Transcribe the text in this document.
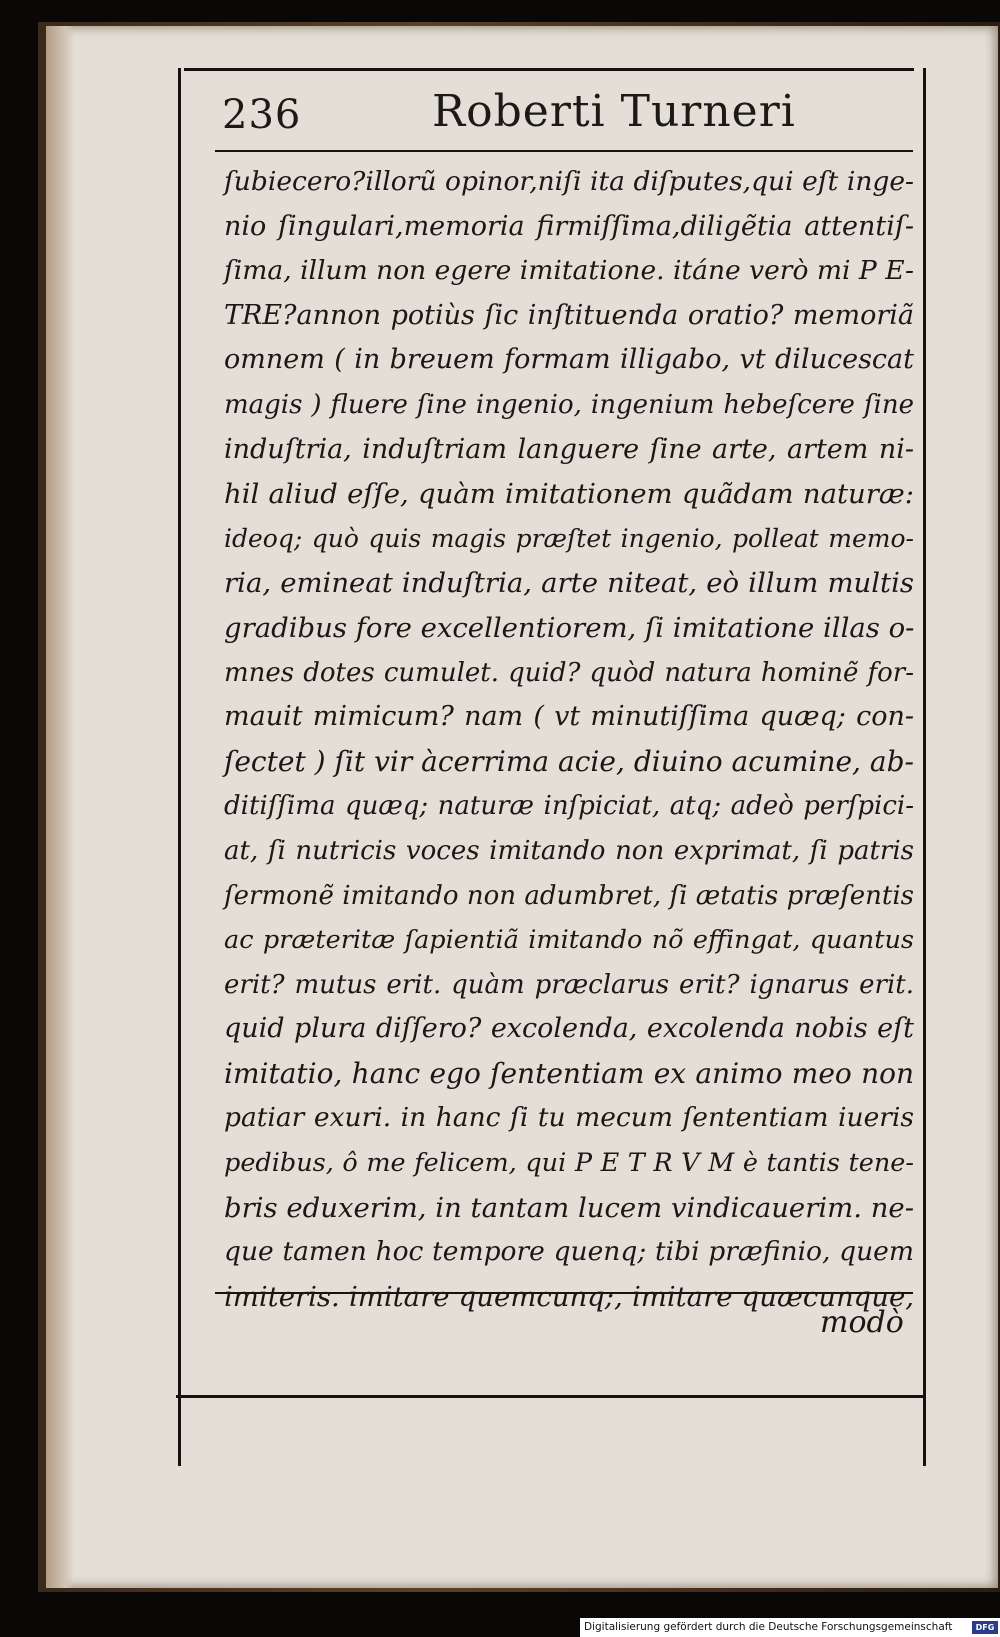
236	Roberti Turneri
ſubiecero?illorũ opinor,niſi ita diſputes,qui eſt inge-
nio ſingulari,memoria firmiſſima,diligẽtia attentiſ-
ſima, illum non egere imitatione. itáne verò mi P E-
TRE?annon potiùs ſic inſtituenda oratio? memoriã
omnem ( in breuem formam illigabo, vt dilucescat
magis ) fluere ſine ingenio, ingenium hebeſcere ſine
induſtria, induſtriam languere ſine arte, artem ni-
hil aliud eſſe, quàm imitationem quãdam naturæ:
ideoq; quò quis magis præſtet ingenio, polleat memo-
ria, emineat induſtria, arte niteat, eò illum multis
gradibus fore excellentiorem, ſi imitatione illas o-
mnes dotes cumulet. quid? quòd natura hominẽ for-
mauit mimicum? nam ( vt minutiſſima quæq; con-
ſectet ) ſit vir àcerrima acie, diuino acumine, ab-
ditiſſima quæq; naturæ inſpiciat, atq; adeò perſpici-
at, ſi nutricis voces imitando non exprimat, ſi patris
ſermonẽ imitando non adumbret, ſi ætatis præſentis
ac præteritæ ſapientiã imitando nõ effingat, quantus
erit? mutus erit. quàm præclarus erit? ignarus erit.
quid plura diſſero? excolenda, excolenda nobis eſt
imitatio, hanc ego ſententiam ex animo meo non
patiar exuri. in hanc ſi tu mecum ſententiam iueris
pedibus, ô me felicem, qui P E T R V M è tantis tene-
bris eduxerim, in tantam lucem vindicauerim. ne-
que tamen hoc tempore quenq; tibi præfinio, quem
imiteris. imitare quemcunq;, imitare quæcunque,
modò
Digitalisierung gefördert durch die Deutsche Forschungsgemeinschaft	DFG
